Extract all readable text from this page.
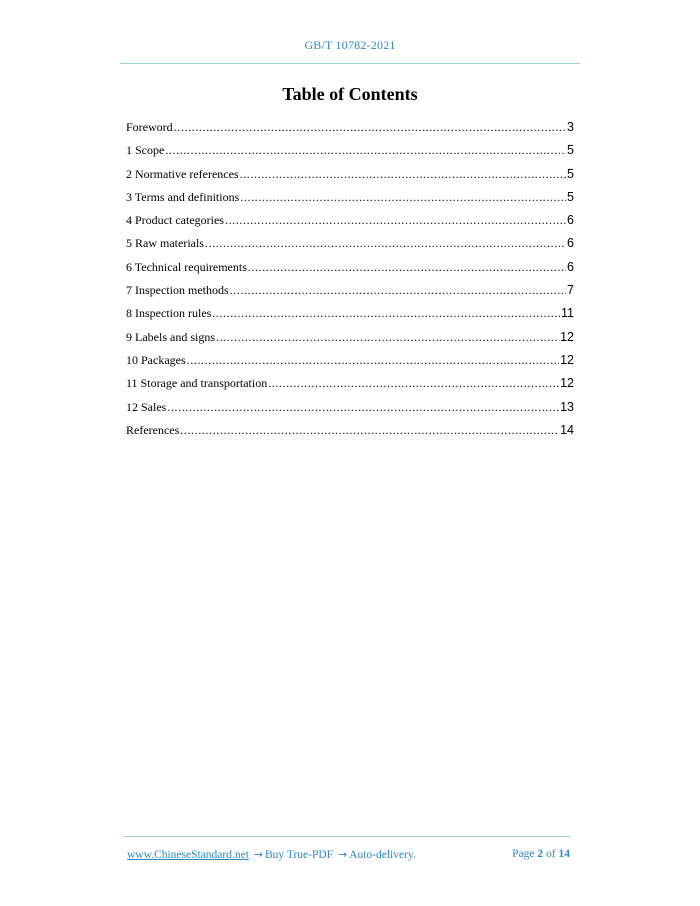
GB/T 10782-2021
Table of Contents
Foreword .....	3
1 Scope .....	5
2 Normative references .....	5
3 Terms and definitions .....	5
4 Product categories .....	6
5 Raw materials .....	6
6 Technical requirements .....	6
7 Inspection methods .....	7
8 Inspection rules .....	11
9 Labels and signs .....	12
10 Packages .....	12
11 Storage and transportation .....	12
12 Sales .....	13
References .....	14
www.ChineseStandard.net → Buy True-PDF → Auto-delivery.	Page 2 of 14
